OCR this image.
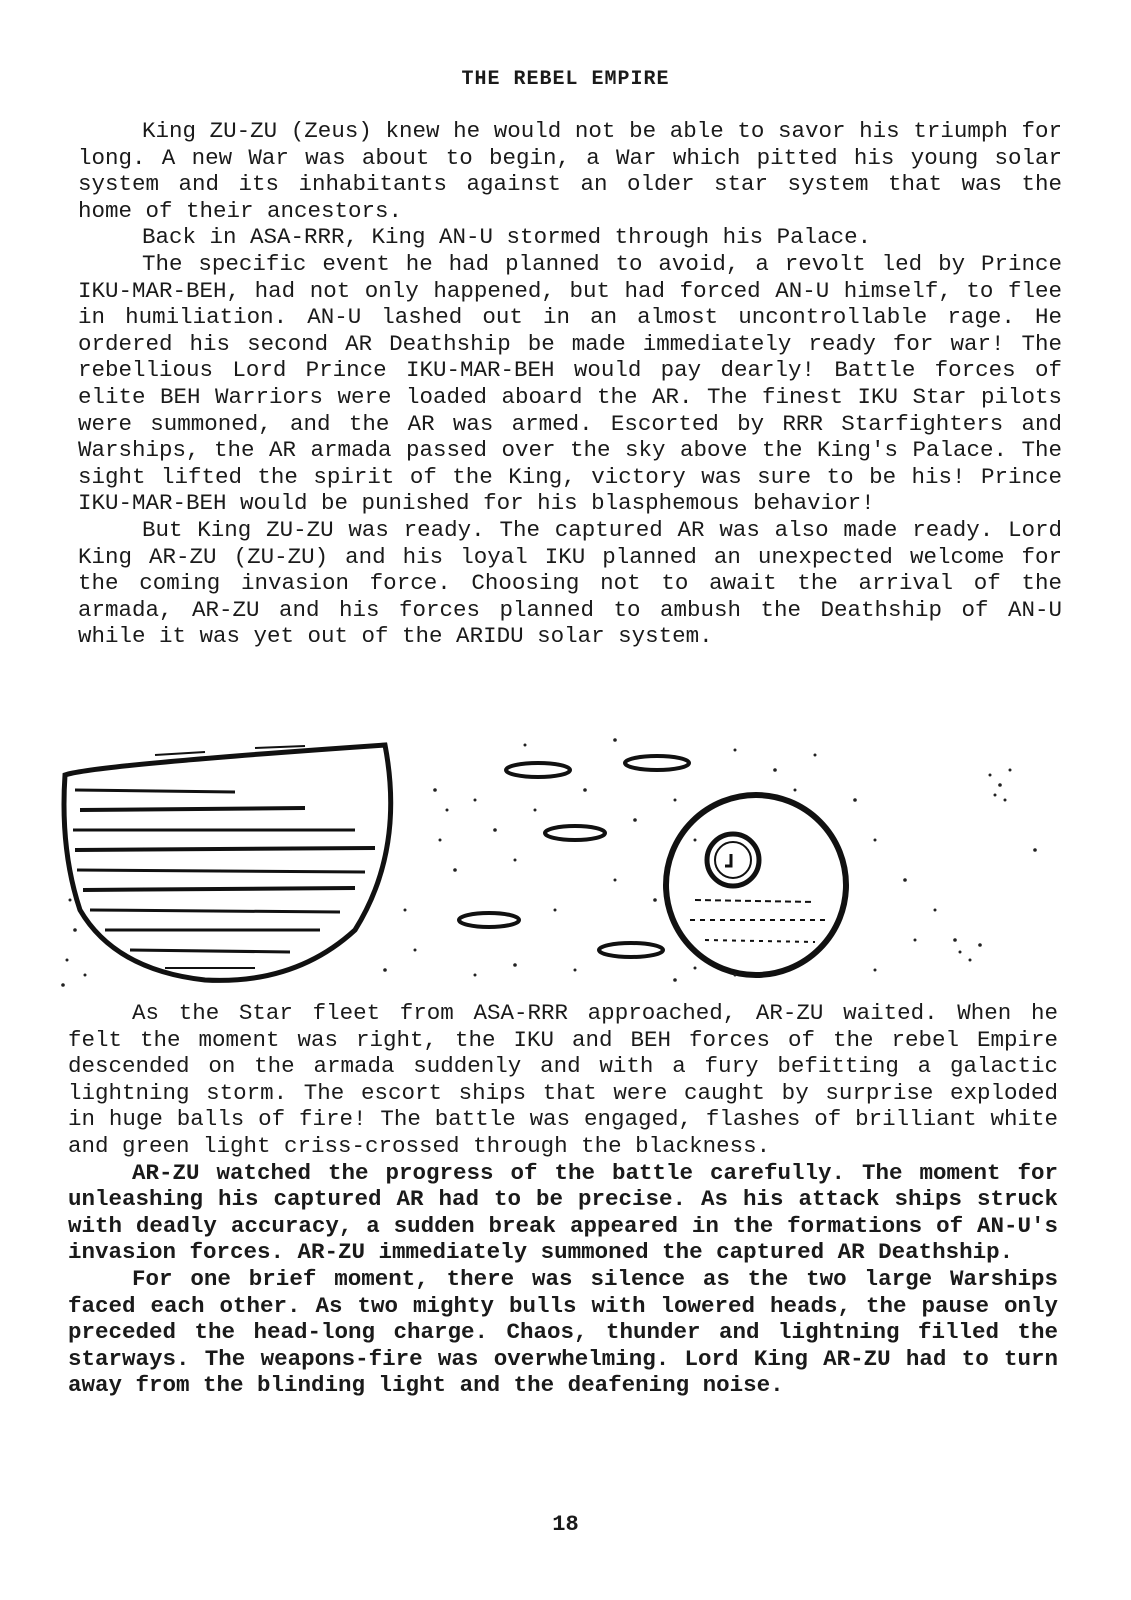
THE REBEL EMPIRE

King ZU-ZU (Zeus) knew he would not be able to savor his triumph for long. A new War was about to begin, a War which pitted his young solar system and its inhabitants against an older star system that was the home of their ancestors.

Back in ASA-RRR, King AN-U stormed through his Palace.

The specific event he had planned to avoid, a revolt led by Prince IKU-MAR-BEH, had not only happened, but had forced AN-U himself, to flee in humiliation. AN-U lashed out in an almost uncontrollable rage. He ordered his second AR Deathship be made immediately ready for war! The rebellious Lord Prince IKU-MAR-BEH would pay dearly! Battle forces of elite BEH Warriors were loaded aboard the AR. The finest IKU Star pilots were summoned, and the AR was armed. Escorted by RRR Starfighters and Warships, the AR armada passed over the sky above the King's Palace. The sight lifted the spirit of the King, victory was sure to be his! Prince IKU-MAR-BEH would be punished for his blasphemous behavior!

But King ZU-ZU was ready. The captured AR was also made ready. Lord King AR-ZU (ZU-ZU) and his loyal IKU planned an unexpected welcome for the coming invasion force. Choosing not to await the arrival of the armada, AR-ZU and his forces planned to ambush the Deathship of AN-U while it was yet out of the ARIDU solar system.

As the Star fleet from ASA-RRR approached, AR-ZU waited. When he felt the moment was right, the IKU and BEH forces of the rebel Empire descended on the armada suddenly and with a fury befitting a galactic lightning storm. The escort ships that were caught by surprise exploded in huge balls of fire! The battle was engaged, flashes of brilliant white and green light criss-crossed through the blackness.

AR-ZU watched the progress of the battle carefully. The moment for unleashing his captured AR had to be precise. As his attack ships struck with deadly accuracy, a sudden break appeared in the formations of AN-U's invasion forces. AR-ZU immediately summoned the captured AR Deathship.

For one brief moment, there was silence as the two large Warships faced each other. As two mighty bulls with lowered heads, the pause only preceded the head-long charge. Chaos, thunder and lightning filled the starways. The weapons-fire was overwhelming. Lord King AR-ZU had to turn away from the blinding light and the deafening noise.

18
